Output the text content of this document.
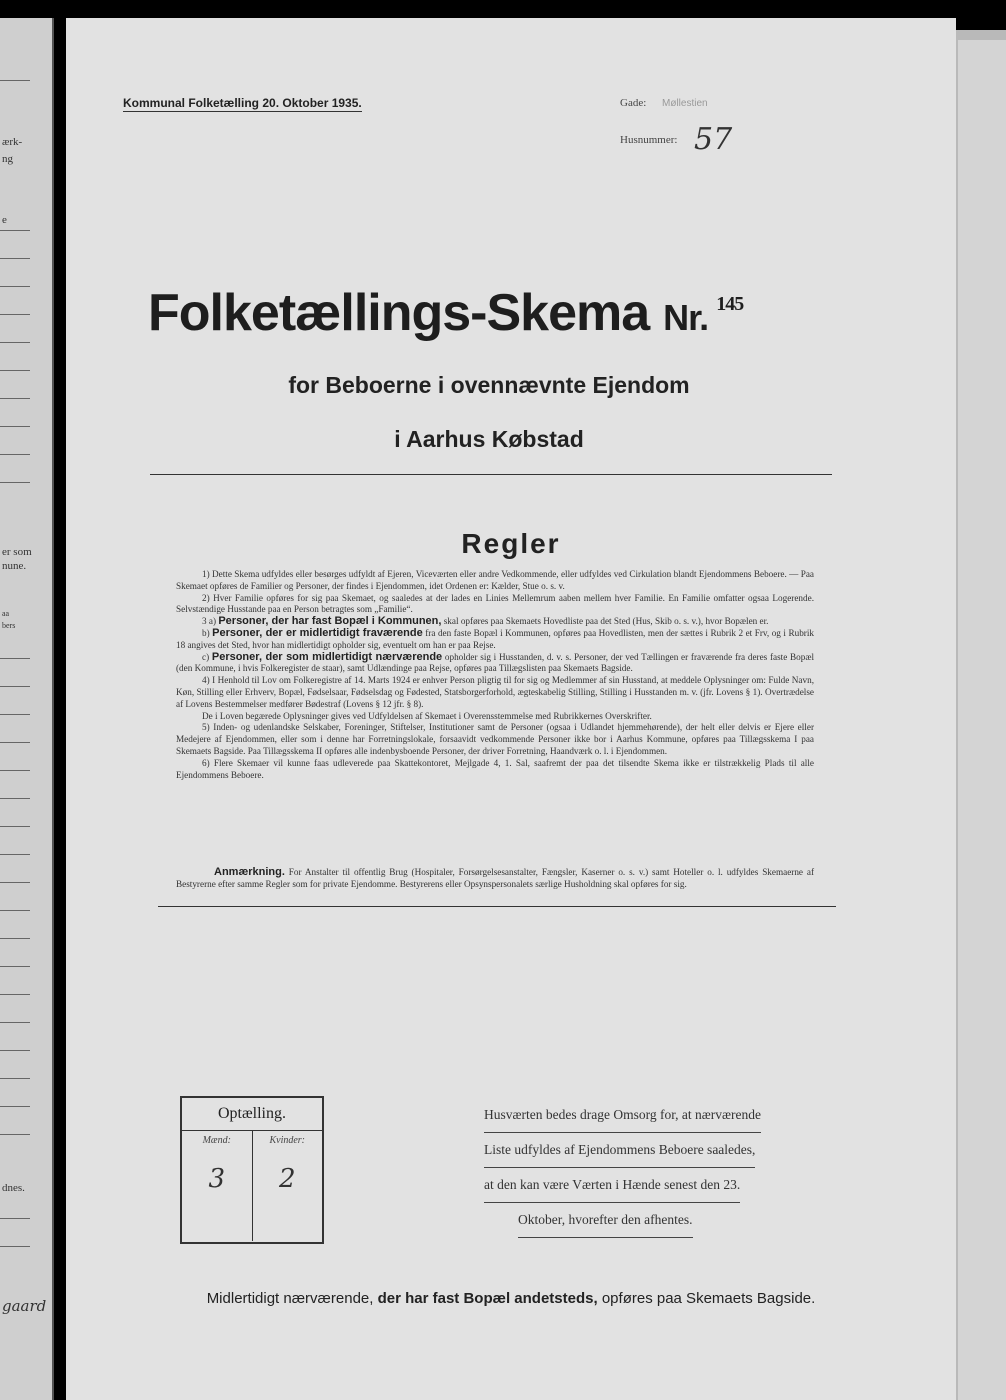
ærk-
ng
e
er som
nune.
aa
bers
dnes.
gaard
Kommunal Folketælling 20. Oktober 1935.	Gade: Møllestien
Husnummer: 57
Folketællings-Skema Nr. $^{145}$
for Beboerne i ovennævnte Ejendom
i Aarhus Købstad
Regler

1) Dette Skema udfyldes eller besørges udfyldt af Ejeren, Viceværten eller andre Vedkommende, eller udfyldes ved Cirkulation blandt Ejendommens Beboere. — Paa Skemaet opføres de Familier og Personer, der findes i Ejendommen, idet Ordenen er: Kælder, Stue o. s. v.

2) Hver Familie opføres for sig paa Skemaet, og saaledes at der lades en Linies Mellemrum aaben mellem hver Familie. En Familie omfatter ogsaa Logerende. Selvstændige Husstande paa en Person betragtes som „Familie“.

3 a) Personer, der har fast Bopæl i Kommunen, skal opføres paa Skemaets Hovedliste paa det Sted (Hus, Skib o. s. v.), hvor Bopælen er.

b) Personer, der er midlertidigt fraværende fra den faste Bopæl i Kommunen, opføres paa Hovedlisten, men der sættes i Rubrik 2 et Frv, og i Rubrik 18 angives det Sted, hvor han midlertidigt opholder sig, eventuelt om han er paa Rejse.

c) Personer, der som midlertidigt nærværende opholder sig i Husstanden, d. v. s. Personer, der ved Tællingen er fraværende fra deres faste Bopæl (den Kommune, i hvis Folkeregister de staar), samt Udlændinge paa Rejse, opføres paa Tillægslisten paa Skemaets Bagside.

4) I Henhold til Lov om Folkeregistre af 14. Marts 1924 er enhver Person pligtig til for sig og Medlemmer af sin Husstand, at meddele Oplysninger om: Fulde Navn, Køn, Stilling eller Erhverv, Bopæl, Fødselsaar, Fødselsdag og Fødested, Statsborgerforhold, ægteskabelig Stilling, Stilling i Husstanden m. v. (jfr. Lovens § 1). Overtrædelse af Lovens Bestemmelser medfører Bødestraf (Lovens § 12 jfr. § 8).

De i Loven begærede Oplysninger gives ved Udfyldelsen af Skemaet i Overensstemmelse med Rubrikkernes Overskrifter.

5) Inden- og udenlandske Selskaber, Foreninger, Stiftelser, Institutioner samt de Personer (ogsaa i Udlandet hjemmehørende), der helt eller delvis er Ejere eller Medejere af Ejendommen, eller som i denne har Forretningslokale, forsaavidt vedkommende Personer ikke bor i Aarhus Kommune, opføres paa Tillægsskema I paa Skemaets Bagside. Paa Tillægsskema II opføres alle indenbysboende Personer, der driver Forretning, Haandværk o. l. i Ejendommen.

6) Flere Skemaer vil kunne faas udleverede paa Skattekontoret, Mejlgade 4, 1. Sal, saafremt der paa det tilsendte Skema ikke er tilstrækkelig Plads til alle Ejendommens Beboere.

Anmærkning. For Anstalter til offentlig Brug (Hospitaler, Forsørgelsesanstalter, Fængsler, Kaserner o. s. v.) samt Hoteller o. l. udfyldes Skemaerne af Bestyrerne efter samme Regler som for private Ejendomme. Bestyrerens eller Opsynspersonalets særlige Husholdning skal opføres for sig.
Optælling.
Mænd:
3
Kvinder:
2
Husværten bedes drage Omsorg for, at nærværende
Liste udfyldes af Ejendommens Beboere saaledes,
at den kan være Værten i Hænde senest den 23.
Oktober, hvorefter den afhentes.
Midlertidigt nærværende, der har fast Bopæl andetsteds, opføres paa Skemaets Bagside.
